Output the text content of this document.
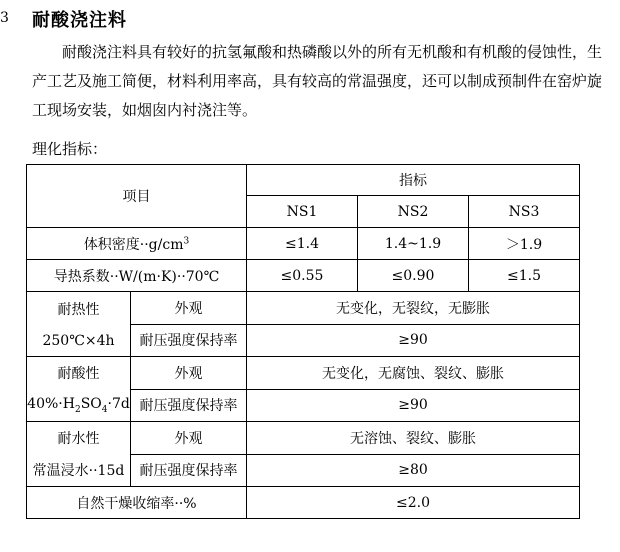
3 耐酸浇注料
耐酸浇注料具有较好的抗氢氟酸和热磷酸以外的所有无机酸和有机酸的侵蚀性，生产工艺及施工简便，材料利用率高，具有较高的常温强度，还可以制成预制件在窑炉旋工现场安装，如烟囱内衬浇注等。
理化指标：
项目		指标		
		NS1	NS2	NS3
体积密度$\cdot\cdot g/cm^3$		≤1.4	1.4~1.9	＞1.9
导热系数··W/(m·K)··70℃		≤0.55	≤0.90	≤1.5

耐热性
250℃×4h	外观	无变化，无裂纹，无膨胀		
	耐压强度保持率	≥90		

耐酸性
$40\%\cdot H_2SO_4\cdot 7d$	外观	无变化，无腐蚀、裂纹、膨胀		
	耐压强度保持率	≥90		

耐水性
常温浸水··15d	外观	无溶蚀、裂纹、膨胀		
	耐压强度保持率	≥80		
自然干燥收缩率··%		≤2.0		
